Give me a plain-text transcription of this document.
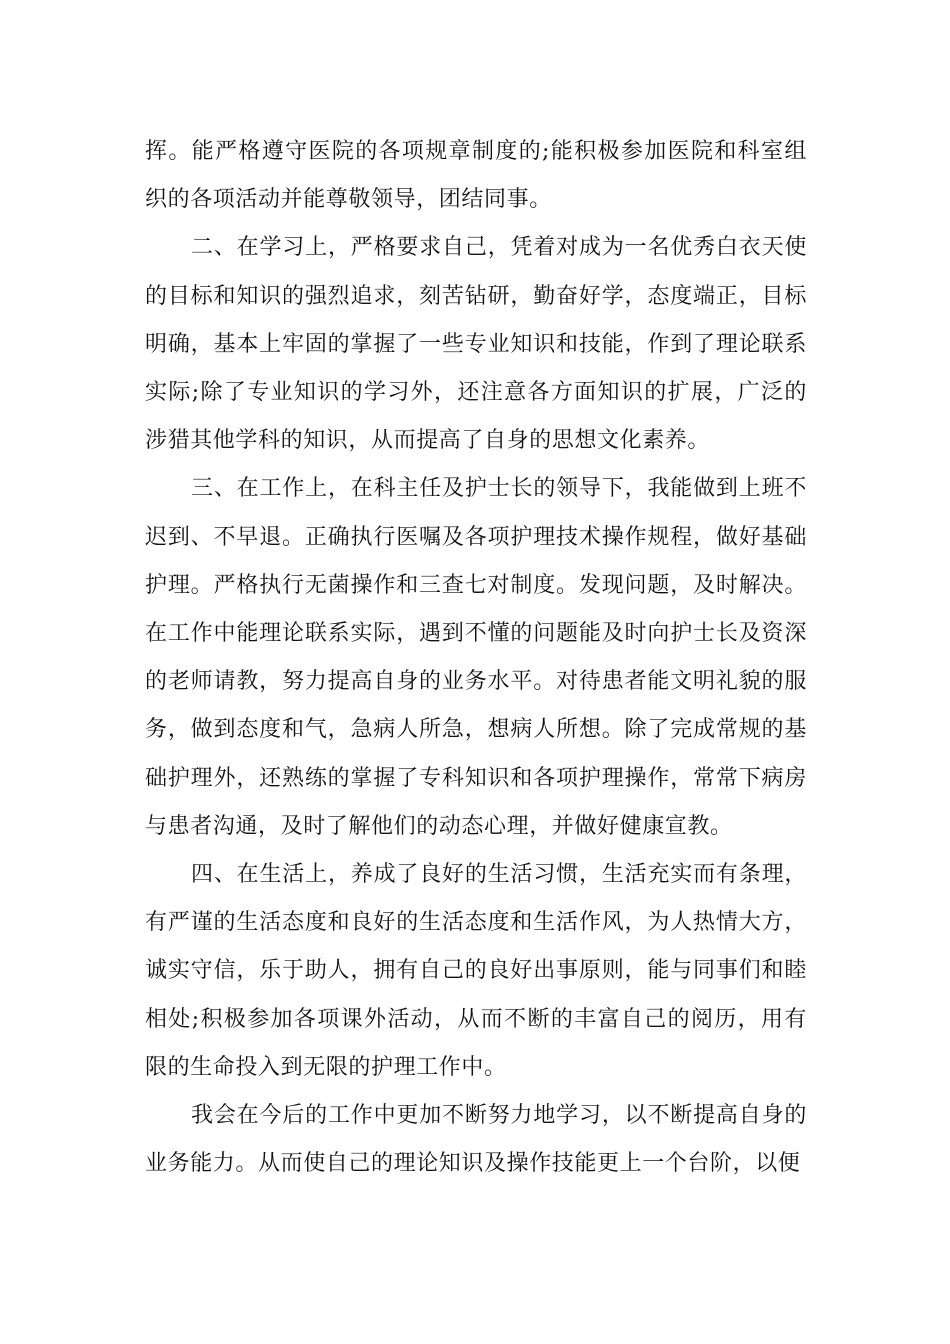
挥。能严格遵守医院的各项规章制度的;能积极参加医院和科室组织的各项活动并能尊敬领导，团结同事。

二、在学习上，严格要求自己，凭着对成为一名优秀白衣天使的目标和知识的强烈追求，刻苦钻研，勤奋好学，态度端正，目标明确，基本上牢固的掌握了一些专业知识和技能，作到了理论联系实际;除了专业知识的学习外，还注意各方面知识的扩展，广泛的涉猎其他学科的知识，从而提高了自身的思想文化素养。

三、在工作上，在科主任及护士长的领导下，我能做到上班不迟到、不早退。正确执行医嘱及各项护理技术操作规程，做好基础护理。严格执行无菌操作和三查七对制度。发现问题，及时解决。在工作中能理论联系实际，遇到不懂的问题能及时向护士长及资深的老师请教，努力提高自身的业务水平。对待患者能文明礼貌的服务，做到态度和气，急病人所急，想病人所想。除了完成常规的基础护理外，还熟练的掌握了专科知识和各项护理操作，常常下病房与患者沟通，及时了解他们的动态心理，并做好健康宣教。

四、在生活上，养成了良好的生活习惯，生活充实而有条理，有严谨的生活态度和良好的生活态度和生活作风，为人热情大方，诚实守信，乐于助人，拥有自己的良好出事原则，能与同事们和睦相处;积极参加各项课外活动，从而不断的丰富自己的阅历，用有限的生命投入到无限的护理工作中。

我会在今后的工作中更加不断努力地学习，以不断提高自身的业务能力。从而使自己的理论知识及操作技能更上一个台阶，以便
